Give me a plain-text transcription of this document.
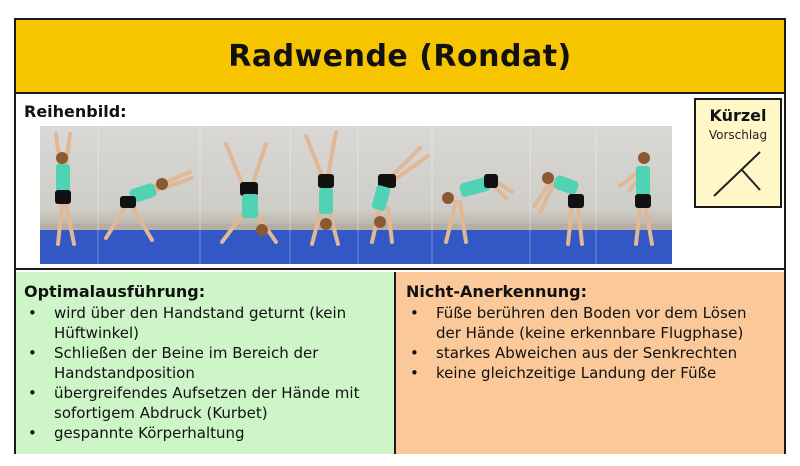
Radwende (Rondat)
Reihenbild:	Kürzel
Vorschlag
Optimalausführung:
• wird über den Handstand geturnt (kein Hüftwinkel)
• Schließen der Beine im Bereich der Handstandposition
• übergreifendes Aufsetzen der Hände mit sofortigem Abdruck (Kurbet)
• gespannte Körperhaltung
Nicht-Anerkennung:
• Füße berühren den Boden vor dem Lösen der Hände (keine erkennbare Flugphase)
• starkes Abweichen aus der Senkrechten
• keine gleichzeitige Landung der Füße
